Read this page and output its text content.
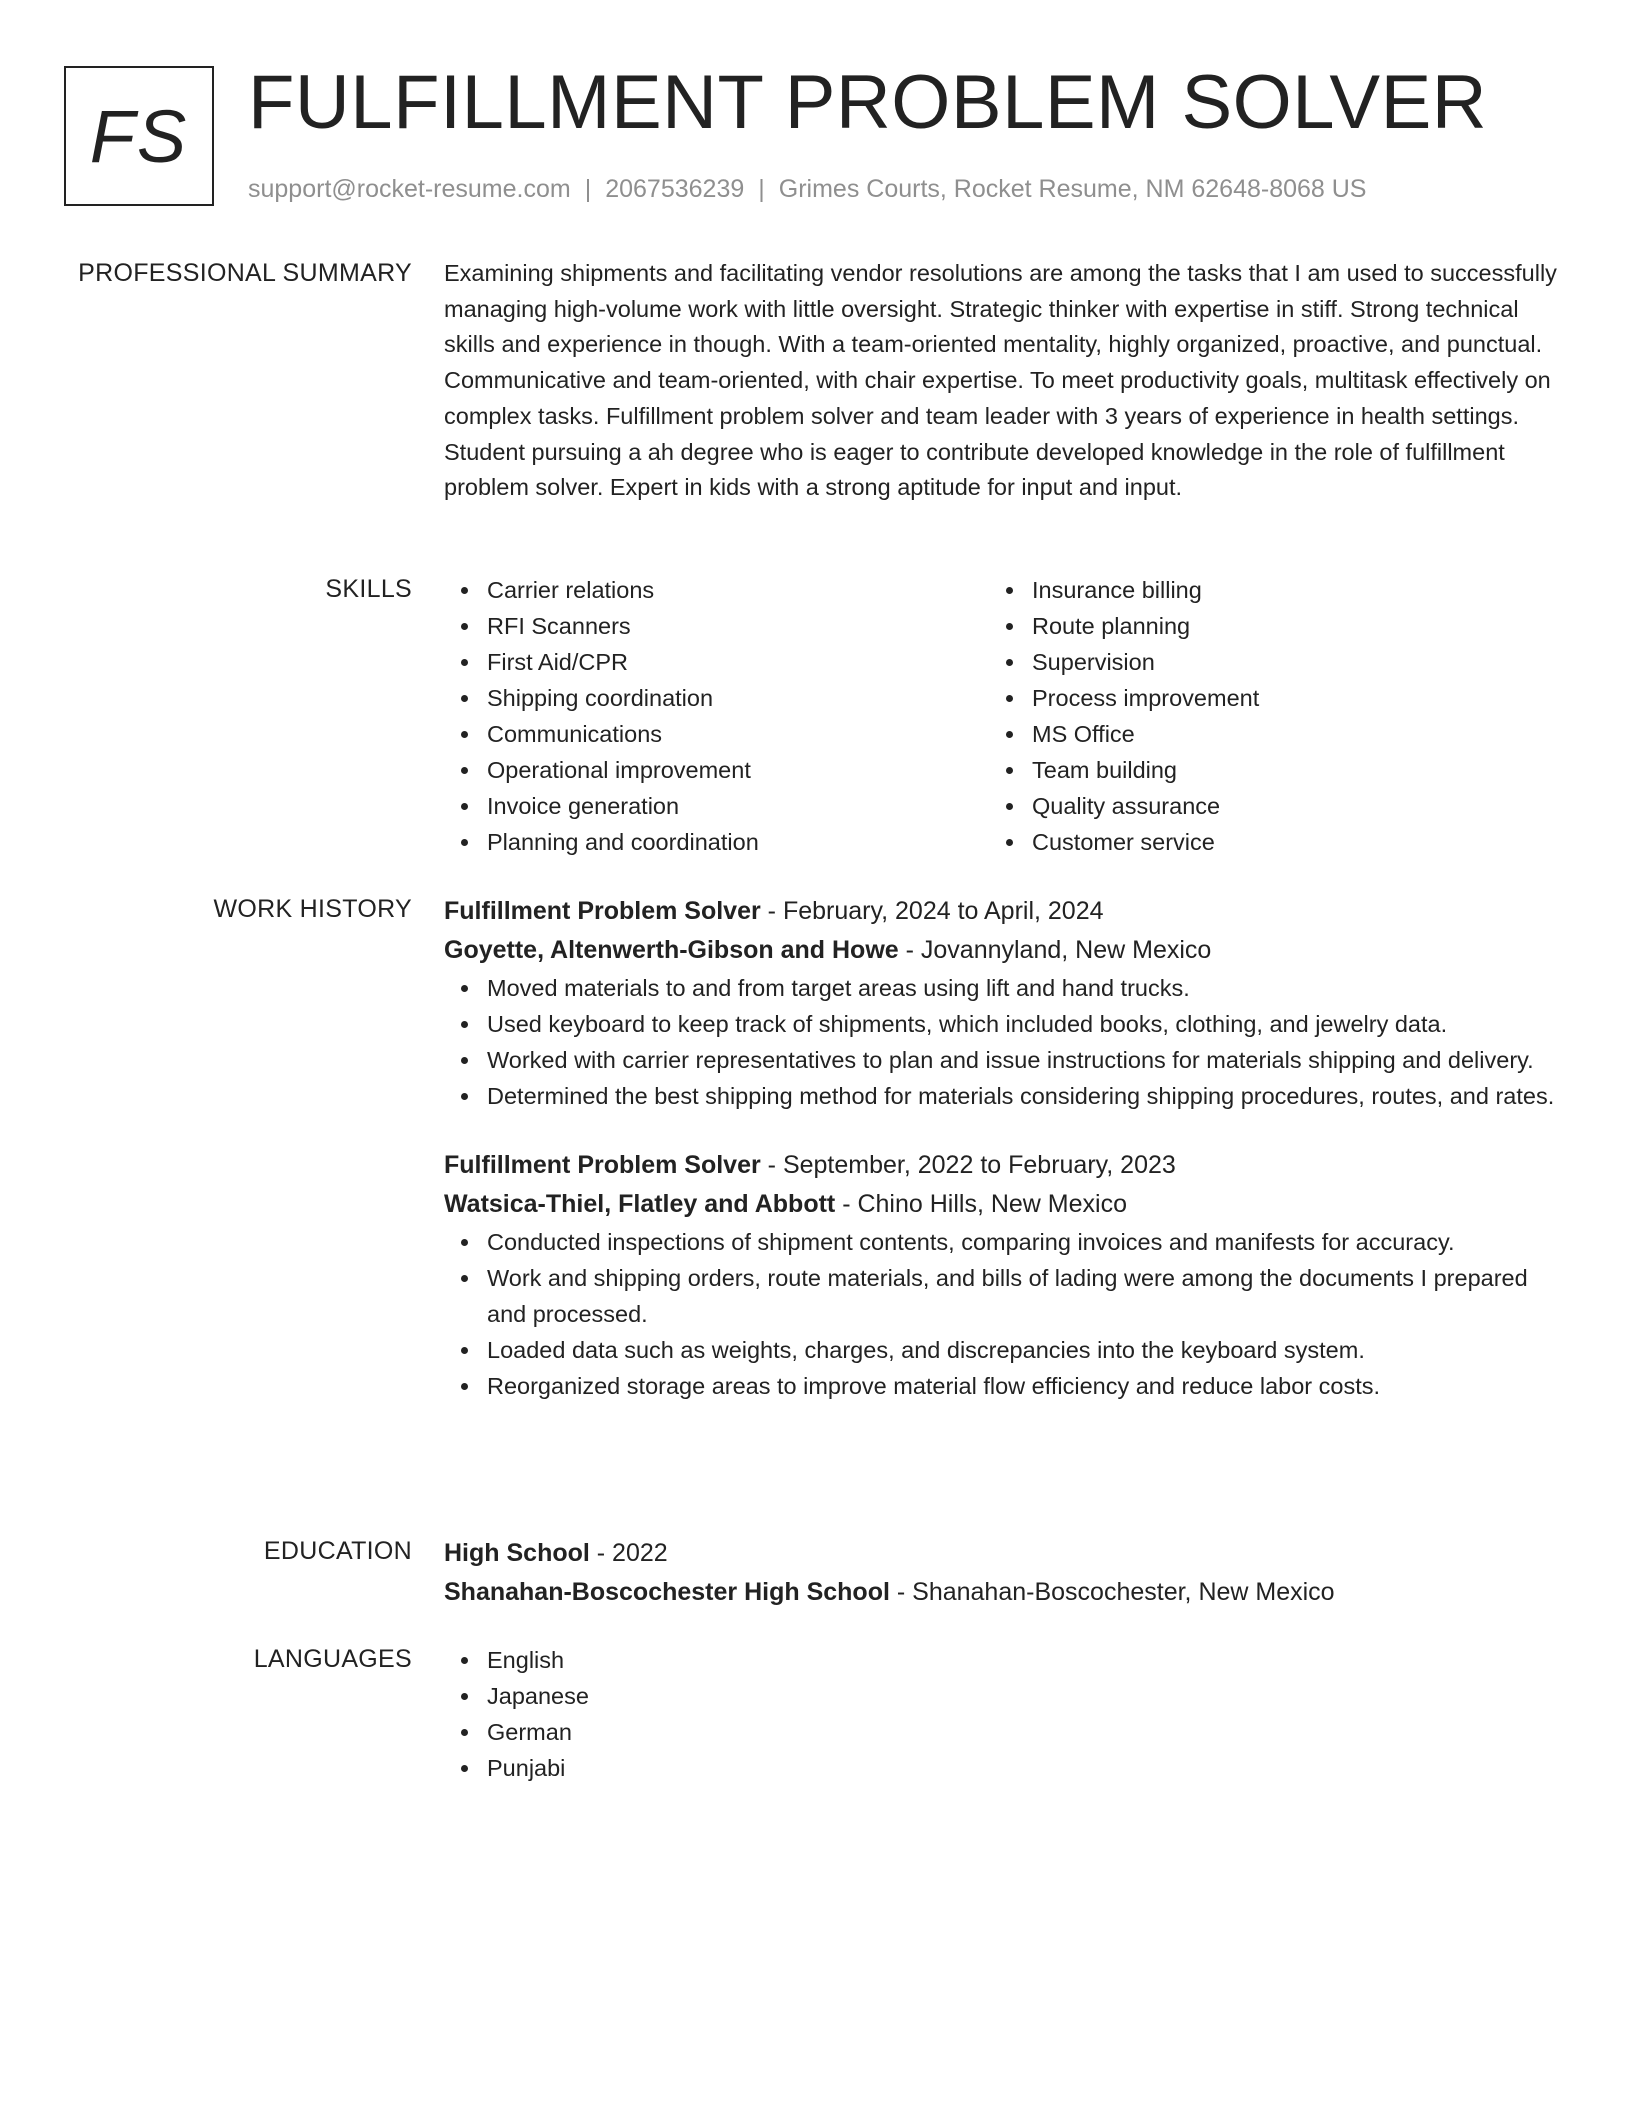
FS FULFILLMENT PROBLEM SOLVER
support@rocket-resume.com | 2067536239 | Grimes Courts, Rocket Resume, NM 62648-8068 US
PROFESSIONAL SUMMARY Examining shipments and facilitating vendor resolutions are among the tasks that I am used to successfully managing high-volume work with little oversight. Strategic thinker with expertise in stiff. Strong technical skills and experience in though. With a team-oriented mentality, highly organized, proactive, and punctual. Communicative and team-oriented, with chair expertise. To meet productivity goals, multitask effectively on complex tasks. Fulfillment problem solver and team leader with 3 years of experience in health settings. Student pursuing a ah degree who is eager to contribute developed knowledge in the role of fulfillment problem solver. Expert in kids with a strong aptitude for input and input.

SKILLS	Carrier relations
RFI Scanners
First Aid/CPR
Shipping coordination
Communications
Operational improvement
Invoice generation
Planning and coordination
Insurance billing
Route planning
Supervision
Process improvement
MS Office
Team building
Quality assurance
Customer service
WORK HISTORY Fulfillment Problem Solver - February, 2024 to April, 2024
Goyette, Altenwerth-Gibson and Howe - Jovannyland, New Mexico
Moved materials to and from target areas using lift and hand trucks.
Used keyboard to keep track of shipments, which included books, clothing, and jewelry data.
Worked with carrier representatives to plan and issue instructions for materials shipping and delivery.
Determined the best shipping method for materials considering shipping procedures, routes, and rates.
Fulfillment Problem Solver - September, 2022 to February, 2023
Watsica-Thiel, Flatley and Abbott - Chino Hills, New Mexico
Conducted inspections of shipment contents, comparing invoices and manifests for accuracy.
Work and shipping orders, route materials, and bills of lading were among the documents I prepared and processed.
Loaded data such as weights, charges, and discrepancies into the keyboard system.
Reorganized storage areas to improve material flow efficiency and reduce labor costs.
EDUCATION High School - 2022
Shanahan-Boscochester High School - Shanahan-Boscochester, New Mexico
LANGUAGES	English
Japanese
German
Punjabi
